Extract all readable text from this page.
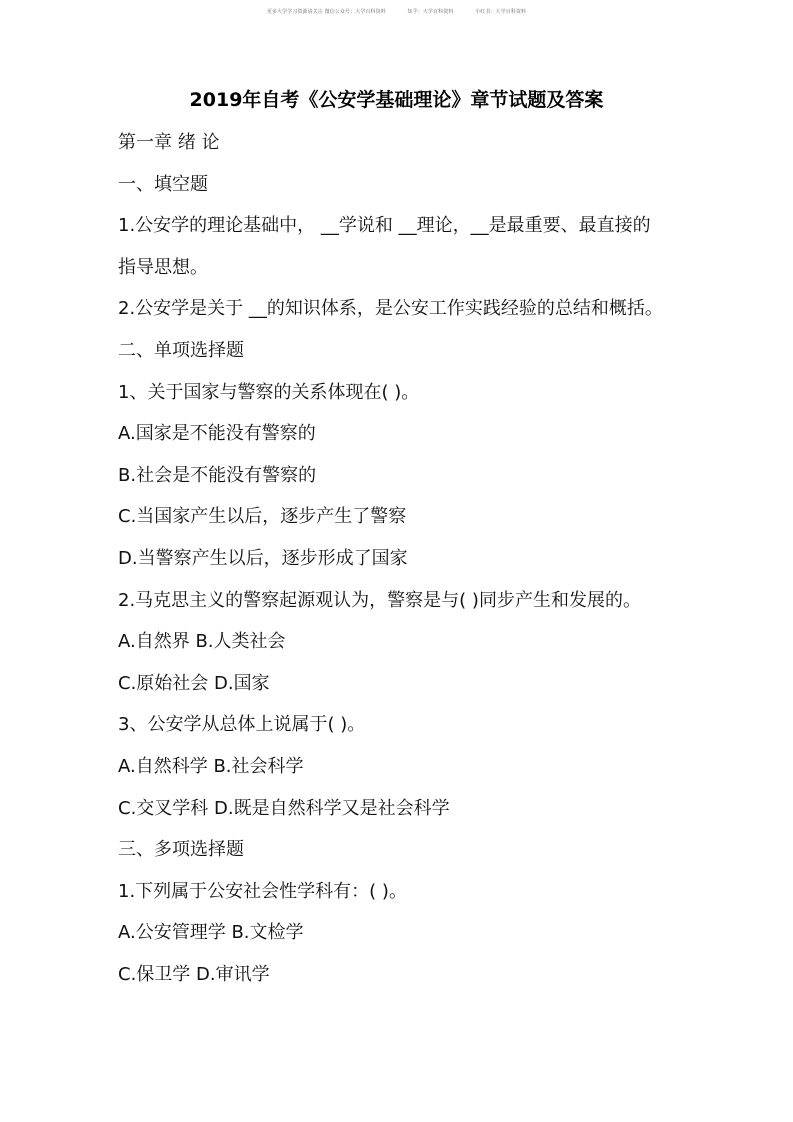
更多大学学习资源请关注 微信公众号：大学百科资料	知乎：大学百科资料	小红书：大学百科资料
2019年自考《公安学基础理论》章节试题及答案
第一章 绪 论
一、填空题
1.公安学的理论基础中， __学说和 __理论，__是最重要、最直接的
指导思想。
2.公安学是关于 __的知识体系，是公安工作实践经验的总结和概括。
二、单项选择题
1、关于国家与警察的关系体现在( )。
A.国家是不能没有警察的
B.社会是不能没有警察的
C.当国家产生以后，逐步产生了警察
D.当警察产生以后，逐步形成了国家
2.马克思主义的警察起源观认为，警察是与( )同步产生和发展的。
A.自然界 B.人类社会
C.原始社会 D.国家
3、公安学从总体上说属于( )。
A.自然科学 B.社会科学
C.交叉学科 D.既是自然科学又是社会科学
三、多项选择题
1.下列属于公安社会性学科有：( )。
A.公安管理学 B.文检学
C.保卫学 D.审讯学
